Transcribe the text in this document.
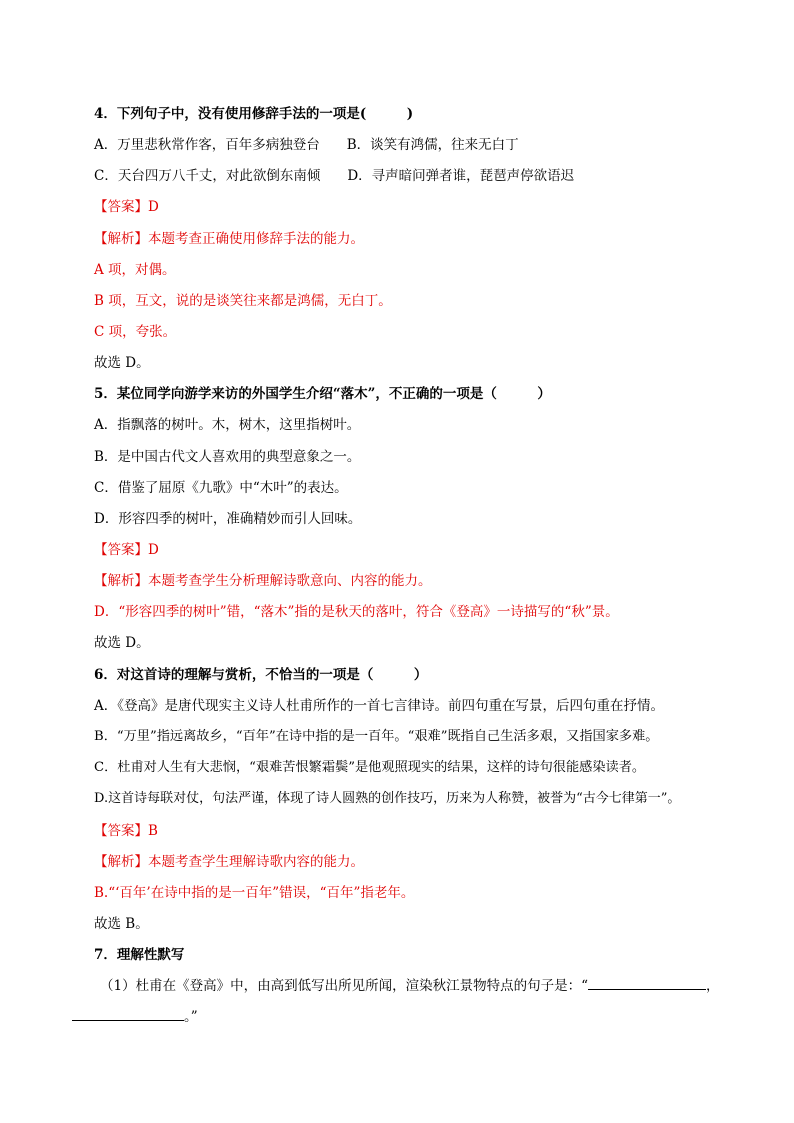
4．下列句子中，没有使用修辞手法的一项是(　　　)
A．万里悲秋常作客，百年多病独登台　　B．谈笑有鸿儒，往来无白丁
C．天台四万八千丈，对此欲倒东南倾　　D．寻声暗问弹者谁，琵琶声停欲语迟
【答案】D
【解析】本题考查正确使用修辞手法的能力。
A 项，对偶。
B 项，互文，说的是谈笑往来都是鸿儒，无白丁。
C 项，夸张。
故选 D。
5．某位同学向游学来访的外国学生介绍“落木”，不正确的一项是（　　　）
A．指飘落的树叶。木，树木，这里指树叶。
B．是中国古代文人喜欢用的典型意象之一。
C．借鉴了屈原《九歌》中“木叶”的表达。
D．形容四季的树叶，准确精妙而引人回味。
【答案】D
【解析】本题考查学生分析理解诗歌意向、内容的能力。
D．“形容四季的树叶”错，“落木”指的是秋天的落叶，符合《登高》一诗描写的“秋”景。
故选 D。
6．对这首诗的理解与赏析，不恰当的一项是（　　　）
A．《登高》是唐代现实主义诗人杜甫所作的一首七言律诗。前四句重在写景，后四句重在抒情。
B．“万里”指远离故乡，“百年”在诗中指的是一百年。“艰难”既指自己生活多艰，又指国家多难。
C．杜甫对人生有大悲悯，“艰难苦恨繁霜鬓”是他观照现实的结果，这样的诗句很能感染读者。
D.这首诗每联对仗，句法严谨，体现了诗人圆熟的创作技巧，历来为人称赞，被誉为“古今七律第一”。
【答案】B
【解析】本题考查学生理解诗歌内容的能力。
B.“‘百年’在诗中指的是一百年”错误，“百年”指老年。
故选 B。
7．理解性默写
（1）杜甫在《登高》中，由高到低写出所见所闻，渲染秋江景物特点的句子是：“	，
。”
